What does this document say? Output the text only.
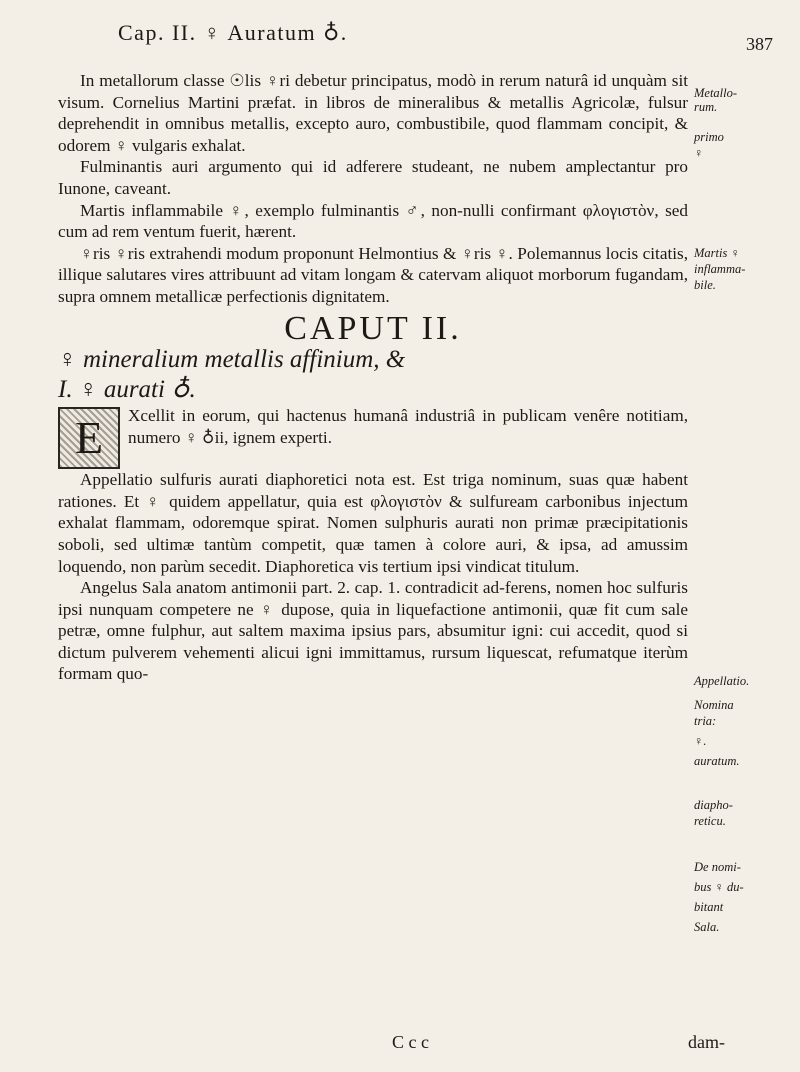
Cap. II. ♀ Auratum ♁.	387

In metallorum classe ☉lis ♀ri debetur principatus, modò in rerum naturâ id unquàm sit visum. Cornelius Martini præfat. in libros de mineralibus & metallis Agricolæ, fulsur deprehendit in omnibus metallis, excepto auro, combustibile, quod flammam concipit, & odorem ♀ vulgaris exhalat.

Fulminantis auri argumento qui id adferere studeant, ne nubem amplectantur pro Iunone, caveant.

Martis inflammabile ♀, exemplo fulminantis ♂, non-nulli confirmant φλογιστὸν, sed cum ad rem ventum fuerit, hærent.

♀ris ♀ris extrahendi modum proponunt Helmontius & ♀ris ♀. Polemannus locis citatis, illique salutares vires attribuunt ad vitam longam & catervam aliquot morborum fugandam, supra omnem metallicæ perfectionis dignitatem.

CAPUT II.

♀ mineralium metallis affinium, &

I. ♀ aurati ♁.

E	Xcellit in eorum, qui hactenus humanâ industriâ in publicam venêre notitiam, numero ♀ ♁ii, ignem experti.

Appellatio sulfuris aurati diaphoretici nota est. Est triga nominum, suas quæ habent rationes. Et ♀ quidem appellatur, quia est φλογιστὸν & sulfuream carbonibus injectum exhalat flammam, odoremque spirat. Nomen sulphuris aurati non primæ præcipitationis soboli, sed ultimæ tantùm competit, quæ tamen à colore auri, & ipsa, ad amussim loquendo, non parùm secedit. Diaphoretica vis tertium ipsi vindicat titulum.

Angelus Sala anatom antimonii part. 2. cap. 1. contradicit ad-ferens, nomen hoc sulfuris ipsi nunquam competere ne ♀ dupose, quia in liquefactione antimonii, quæ fit cum sale petræ, omne fulphur, aut saltem maxima ipsius pars, absumitur igni: cui accedit, quod si dictum pulverem vehementi alicui igni immittamus, rursum liquescat, refumatque iterùm formam quo-

Metallo-
rum.
primo
♀
Martis ♀
inflamma-
bile.
Appellatio.
Nomina
tria:
♀.
auratum.
diapho-
reticu.
De nomi-
bus ♀ du-
bitant
Sala.
C c c	dam-
